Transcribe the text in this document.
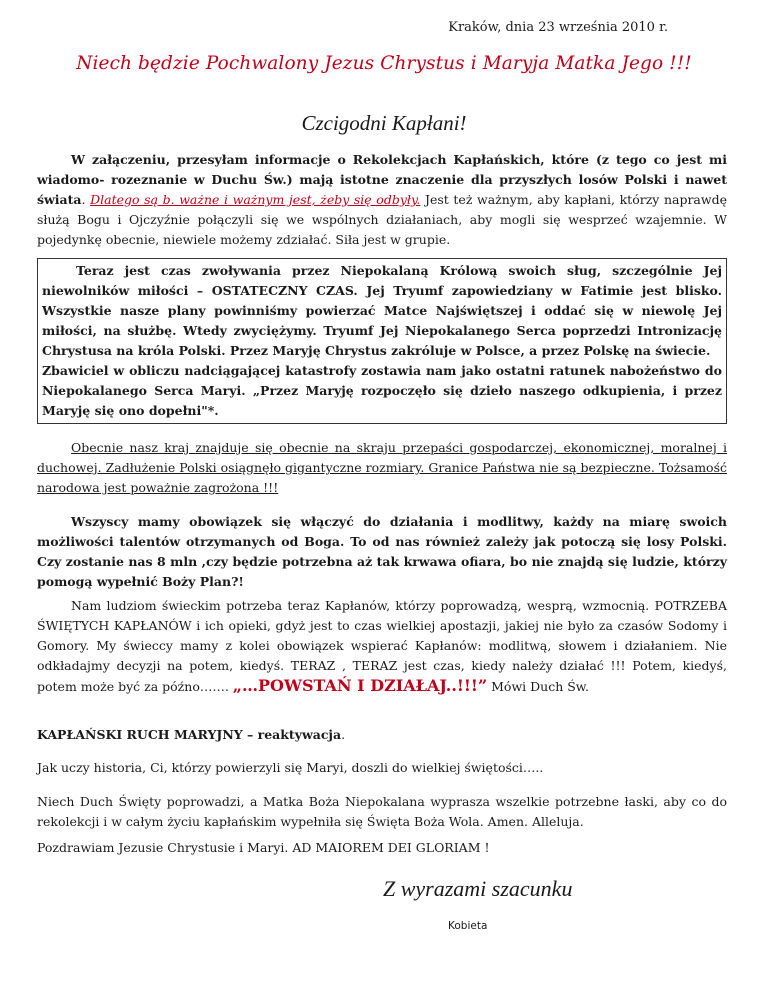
Kraków, dnia 23 września 2010 r.
Niech będzie Pochwalony Jezus Chrystus i Maryja Matka Jego !!!
Czcigodni Kapłani!
W załączeniu, przesyłam informacje o Rekolekcjach Kapłańskich, które (z tego co jest mi wiadomo- rozeznanie w Duchu Św.) mają istotne znaczenie dla przyszłych losów Polski i nawet świata. Dlatego są b. ważne i ważnym jest, żeby się odbyły. Jest też ważnym, aby kapłani, którzy naprawdę służą Bogu i Ojczyźnie połączyli się we wspólnych działaniach, aby mogli się wesprzeć wzajemnie. W pojedynkę obecnie, niewiele możemy zdziałać. Siła jest w grupie.
Teraz jest czas zwoływania przez Niepokalaną Królową swoich sług, szczególnie Jej niewolników miłości – OSTATECZNY CZAS. Jej Tryumf zapowiedziany w Fatimie jest blisko. Wszystkie nasze plany powinniśmy powierzać Matce Najświętszej i oddać się w niewolę Jej miłości, na służbę. Wtedy zwyciężymy. Tryumf Jej Niepokalanego Serca poprzedzi Intronizację Chrystusa na króla Polski. Przez Maryję Chrystus zakróluje w Polsce, a przez Polskę na świecie.
Zbawiciel w obliczu nadciągającej katastrofy zostawia nam jako ostatni ratunek nabożeństwo do Niepokalanego Serca Maryi. „Przez Maryję rozpoczęło się dzieło naszego odkupienia, i przez Maryję się ono dopełni"*.
Obecnie nasz kraj znajduje się obecnie na skraju przepaści gospodarczej, ekonomicznej, moralnej i duchowej. Zadłużenie Polski osiągnęło gigantyczne rozmiary. Granice Państwa nie są bezpieczne. Tożsamość narodowa jest poważnie zagrożona !!!
Wszyscy mamy obowiązek się włączyć do działania i modlitwy, każdy na miarę swoich możliwości talentów otrzymanych od Boga. To od nas również zależy jak potoczą się losy Polski. Czy zostanie nas 8 mln ,czy będzie potrzebna aż tak krwawa ofiara, bo nie znajdą się ludzie, którzy pomogą wypełnić Boży Plan?!
Nam ludziom świeckim potrzeba teraz Kapłanów, którzy poprowadzą, wesprą, wzmocnią. POTRZEBA ŚWIĘTYCH KAPŁANÓW i ich opieki, gdyż jest to czas wielkiej apostazji, jakiej nie było za czasów Sodomy i Gomory. My świeccy mamy z kolei obowiązek wspierać Kapłanów: modlitwą, słowem i działaniem. Nie odkładajmy decyzji na potem, kiedyś. TERAZ , TERAZ jest czas, kiedy należy działać !!! Potem, kiedyś, potem może być za późno……. „…POWSTAŃ I DZIAŁAJ..!!!” Mówi Duch Św.
KAPŁAŃSKI RUCH MARYJNY – reaktywacja.
Jak uczy historia, Ci, którzy powierzyli się Maryi, doszli do wielkiej świętości…..
Niech Duch Święty poprowadzi, a Matka Boża Niepokalana wyprasza wszelkie potrzebne łaski, aby co do rekolekcji i w całym życiu kapłańskim wypełniła się Święta Boża Wola. Amen. Alleluja.
Pozdrawiam Jezusie Chrystusie i Maryi. AD MAIOREM DEI GLORIAM !
Z wyrazami szacunku
Kobieta
